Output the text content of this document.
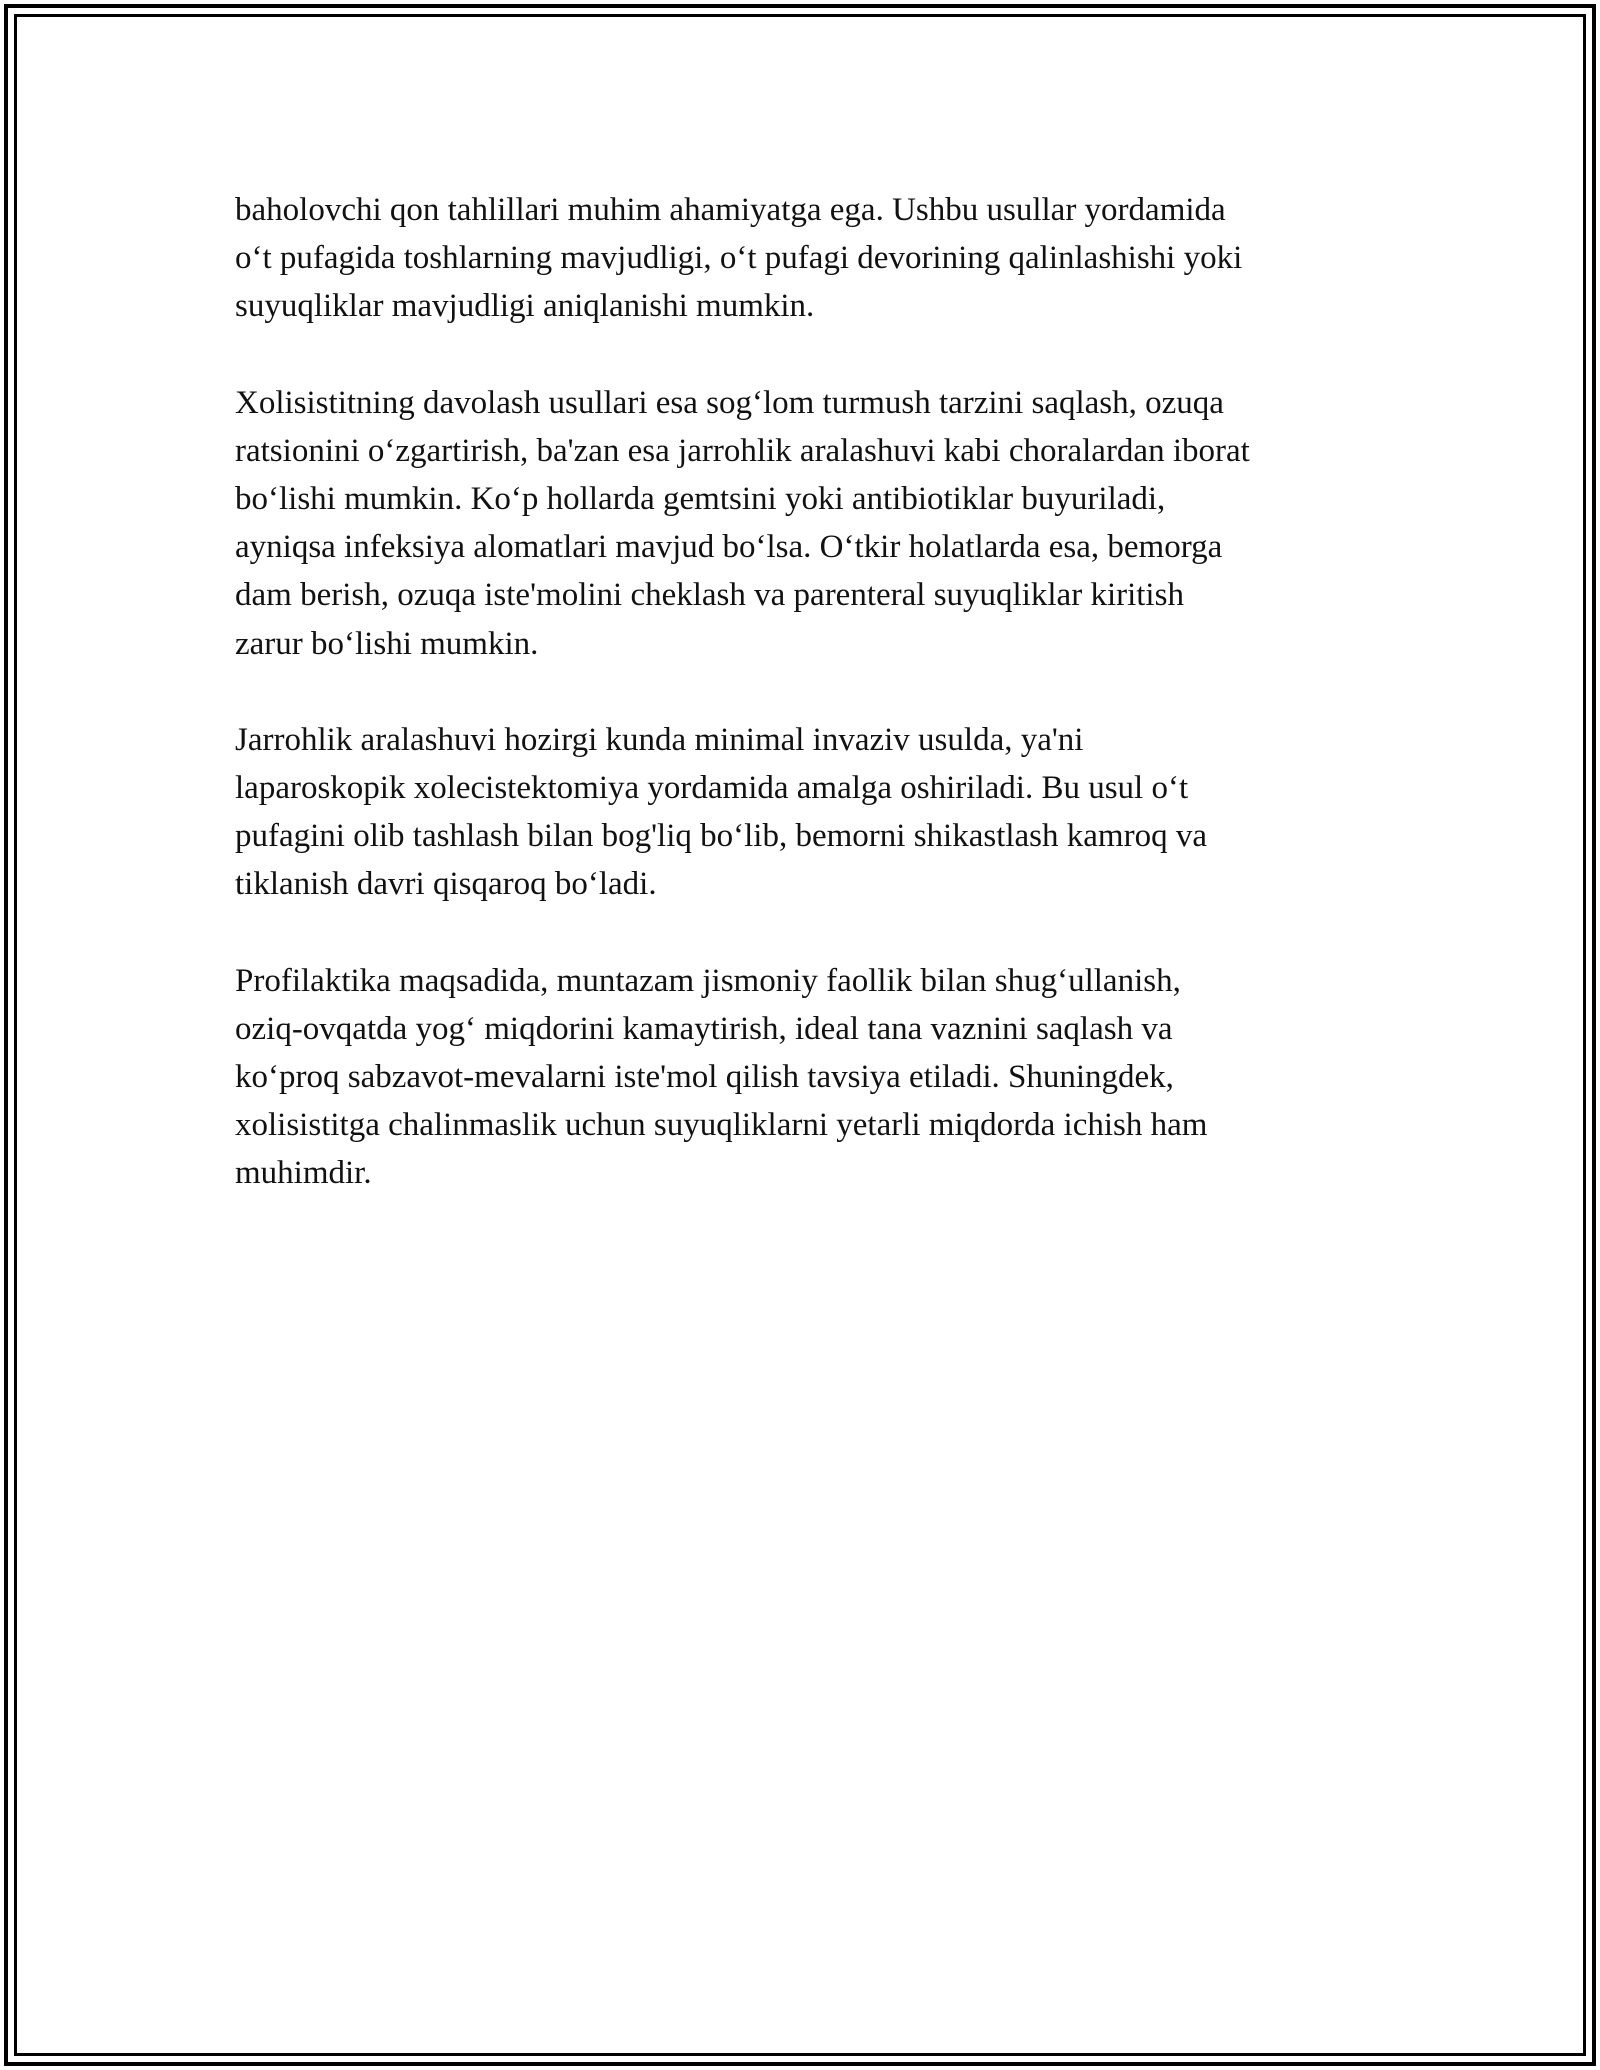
baholovchi qon tahlillari muhim ahamiyatga ega. Ushbu usullar yordamida
o‘t pufagida toshlarning mavjudligi, o‘t pufagi devorining qalinlashishi yoki
suyuqliklar mavjudligi aniqlanishi mumkin.

Xolisistitning davolash usullari esa sog‘lom turmush tarzini saqlash, ozuqa
ratsionini o‘zgartirish, ba'zan esa jarrohlik aralashuvi kabi choralardan iborat
bo‘lishi mumkin. Ko‘p hollarda gemtsini yoki antibiotiklar buyuriladi,
ayniqsa infeksiya alomatlari mavjud bo‘lsa. O‘tkir holatlarda esa, bemorga
dam berish, ozuqa iste'molini cheklash va parenteral suyuqliklar kiritish
zarur bo‘lishi mumkin.

Jarrohlik aralashuvi hozirgi kunda minimal invaziv usulda, ya'ni
laparoskopik xolecistektomiya yordamida amalga oshiriladi. Bu usul o‘t
pufagini olib tashlash bilan bog'liq bo‘lib, bemorni shikastlash kamroq va
tiklanish davri qisqaroq bo‘ladi.

Profilaktika maqsadida, muntazam jismoniy faollik bilan shug‘ullanish,
oziq-ovqatda yog‘ miqdorini kamaytirish, ideal tana vaznini saqlash va
ko‘proq sabzavot-mevalarni iste'mol qilish tavsiya etiladi. Shuningdek,
xolisistitga chalinmaslik uchun suyuqliklarni yetarli miqdorda ichish ham
muhimdir.
